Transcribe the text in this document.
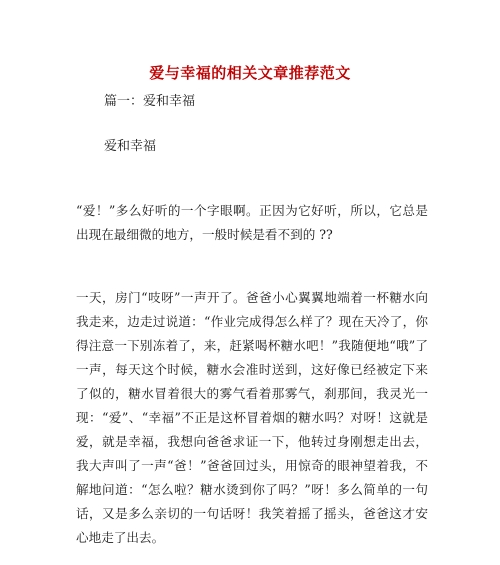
爱与幸福的相关文章推荐范文
篇一：爱和幸福
爱和幸福

“爱！”多么好听的一个字眼啊。正因为它好听，所以，它总是出现在最细微的地方，一般时候是看不到的 ??

一天，房门“吱呀”一声开了。爸爸小心翼翼地端着一杯糖水向我走来，边走过说道：“作业完成得怎么样了？现在天冷了，你得注意一下别冻着了，来，赶紧喝杯糖水吧！”我随便地“哦”了一声，每天这个时候，糖水会准时送到，这好像已经被定下来了似的，糖水冒着很大的雾气看着那雾气，刹那间，我灵光一现：“爱”、“幸福”不正是这杯冒着烟的糖水吗？对呀！这就是爱，就是幸福，我想向爸爸求证一下，他转过身刚想走出去，我大声叫了一声“爸！”爸爸回过头，用惊奇的眼神望着我，不解地问道：“怎么啦？糖水烫到你了吗？”呀！多么简单的一句话，又是多么亲切的一句话呀！我笑着摇了摇头，爸爸这才安心地走了出去。
